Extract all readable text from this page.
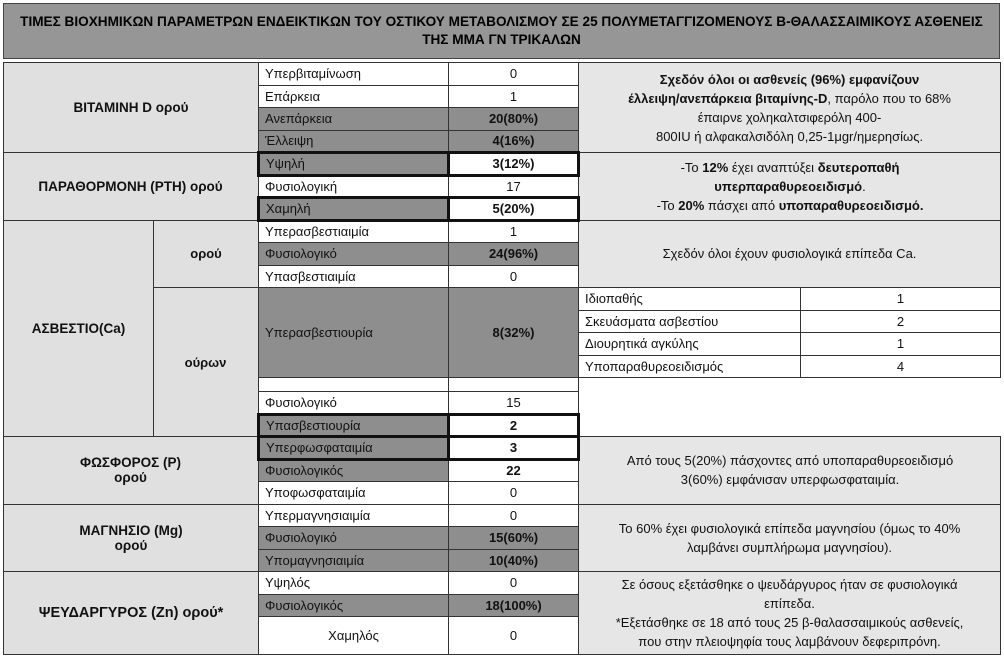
ΤΙΜΕΣ ΒΙΟΧΗΜΙΚΩΝ ΠΑΡΑΜΕΤΡΩΝ ΕΝΔΕΙΚΤΙΚΩΝ ΤΟΥ ΟΣΤΙΚΟΥ ΜΕΤΑΒΟΛΙΣΜΟΥ ΣΕ 25 ΠΟΛΥΜΕΤΑΓΓΙΖΟΜΕΝΟΥΣ Β-ΘΑΛΑΣΣΑΙΜΙΚΟΥΣ ΑΣΘΕΝΕΙΣ ΤΗΣ ΜΜΑ ΓΝ ΤΡΙΚΑΛΩΝ
ΒΙΤΑΜΙΝΗ D ορού		Υπερβιταμίνωση	0	Σχεδόν όλοι οι ασθενείς (96%) εμφανίζουν
έλλειψη/ανεπάρκεια βιταμίνης-D, παρόλο που το 68%
έπαιρνε χοληκαλτσιφερόλη 400-
800IU ή αλφακαλσιδόλη 0,25-1μgr/ημερησίως.	
		Επάρκεια	1		
		Ανεπάρκεια	20(80%)		
		Έλλειψη	4(16%)		
ΠΑΡΑΘΟΡΜΟΝΗ (PTH) ορού		Υψηλή	3(12%)	-Το 12% έχει αναπτύξει δευτεροπαθή
υπερπαραθυρεοειδισμό.
-Το 20% πάσχει από υποπαραθυρεοειδισμό.	
		Φυσιολογική	17		
		Χαμηλή	5(20%)		
ΑΣΒΕΣΤΙΟ(Ca)	ορού	Υπερασβεστιαιμία	1	Σχεδόν όλοι έχουν φυσιολογικά επίπεδα Ca.	
		Φυσιολογικό	24(96%)		
		Υπασβεστιαιμία	0		
	ούρων	Υπερασβεστιουρία	8(32%)	Ιδιοπαθής	1
				Σκευάσματα ασβεστίου	2
				Διουρητικά αγκύλης	1
				Υποπαραθυρεοειδισμός	4

		Φυσιολογικό	15		
		Υπασβεστιουρία	2		
ΦΩΣΦΟΡΟΣ (P)
ορού		Υπερφωσφαταιμία	3	Από τους 5(20%) πάσχοντες από υποπαραθυρεοειδισμό
3(60%) εμφάνισαν υπερφωσφαταιμία.	
		Φυσιολογικός	22		
		Υποφωσφαταιμία	0		
ΜΑΓΝΗΣΙΟ (Mg)
ορού		Υπερμαγνησιαιμία	0	Το 60% έχει φυσιολογικά επίπεδα μαγνησίου (όμως το 40%
λαμβάνει συμπλήρωμα μαγνησίου).	
		Φυσιολογικό	15(60%)		
		Υπομαγνησιαιμία	10(40%)		
ΨΕΥΔΑΡΓΥΡΟΣ (Zn) ορού*		Υψηλός	0	Σε όσους εξετάσθηκε ο ψευδάργυρος ήταν σε φυσιολογικά
επίπεδα.
*Εξετάσθηκε σε 18 από τους 25 β-θαλασσαιμικούς ασθενείς,
που στην πλειοψηφία τους λαμβάνουν δεφεριπρόνη.	
		Φυσιολογικός	18(100%)		
		Χαμηλός	0		
